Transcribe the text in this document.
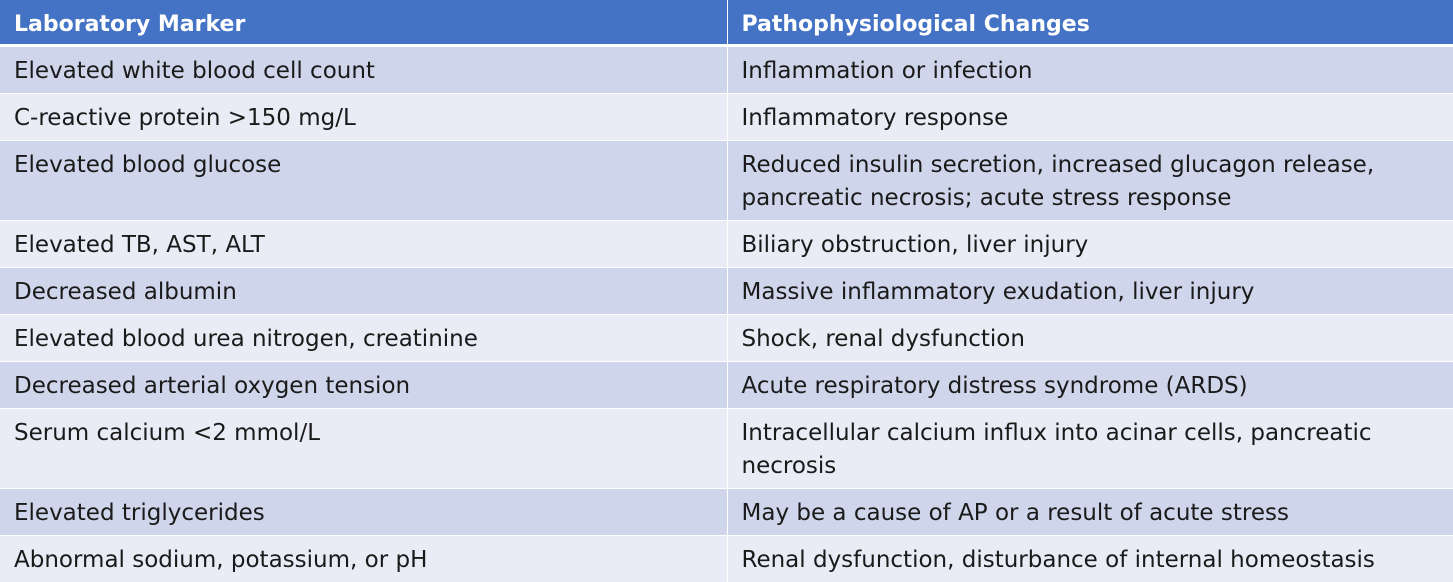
Laboratory Marker	Pathophysiological Changes
Elevated white blood cell count	Inflammation or infection
C-reactive protein >150 mg/L	Inflammatory response
Elevated blood glucose	Reduced insulin secretion, increased glucagon release, pancreatic necrosis; acute stress response
Elevated TB, AST, ALT	Biliary obstruction, liver injury
Decreased albumin	Massive inflammatory exudation, liver injury
Elevated blood urea nitrogen, creatinine	Shock, renal dysfunction
Decreased arterial oxygen tension	Acute respiratory distress syndrome (ARDS)
Serum calcium <2 mmol/L	Intracellular calcium influx into acinar cells, pancreatic necrosis
Elevated triglycerides	May be a cause of AP or a result of acute stress
Abnormal sodium, potassium, or pH	Renal dysfunction, disturbance of internal homeostasis
